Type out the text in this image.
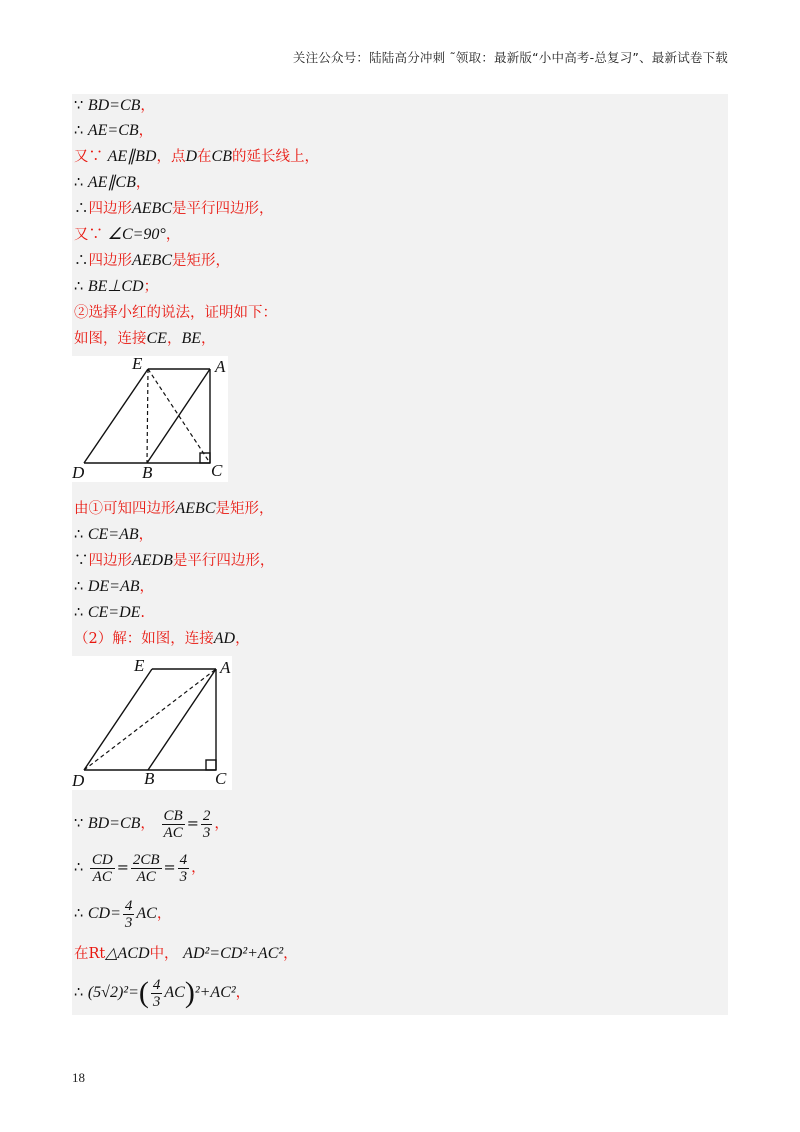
关注公众号：陆陆高分冲刺 ˜领取：最新版“小中高考-总复习”、最新试卷下载
∵ BD=CB，
∴ AE=CB，
又∵ AE∥BD，点D在CB的延长线上，
∴ AE∥CB，
∴四边形AEBC是平行四边形，
又∵ ∠C=90°，
∴四边形AEBC是矩形，
∴ BE⊥CD；
②选择小红的说法，证明如下：
如图，连接CE，BE，
E	A
D	B	C
由①可知四边形AEBC是矩形，
∴ CE=AB，
∵四边形AEDB是平行四边形，
∴ DE=AB，
∴ CE=DE.
（2）解：如图，连接AD，
E	A
D	B	C
∵ BD=CB， $\frac{CB}{AC} = \frac{2}{3}$ ，
∴ $\frac{CD}{AC} = \frac{2CB}{AC} = \frac{4}{3}$ ，
∴ $CD= \frac{4}{3}$ AC，
在Rt△ACD中， AD²=CD²+AC²，
∴ $(5√2)^2=( \frac{4}{3} AC)^2+AC^2$，
18
